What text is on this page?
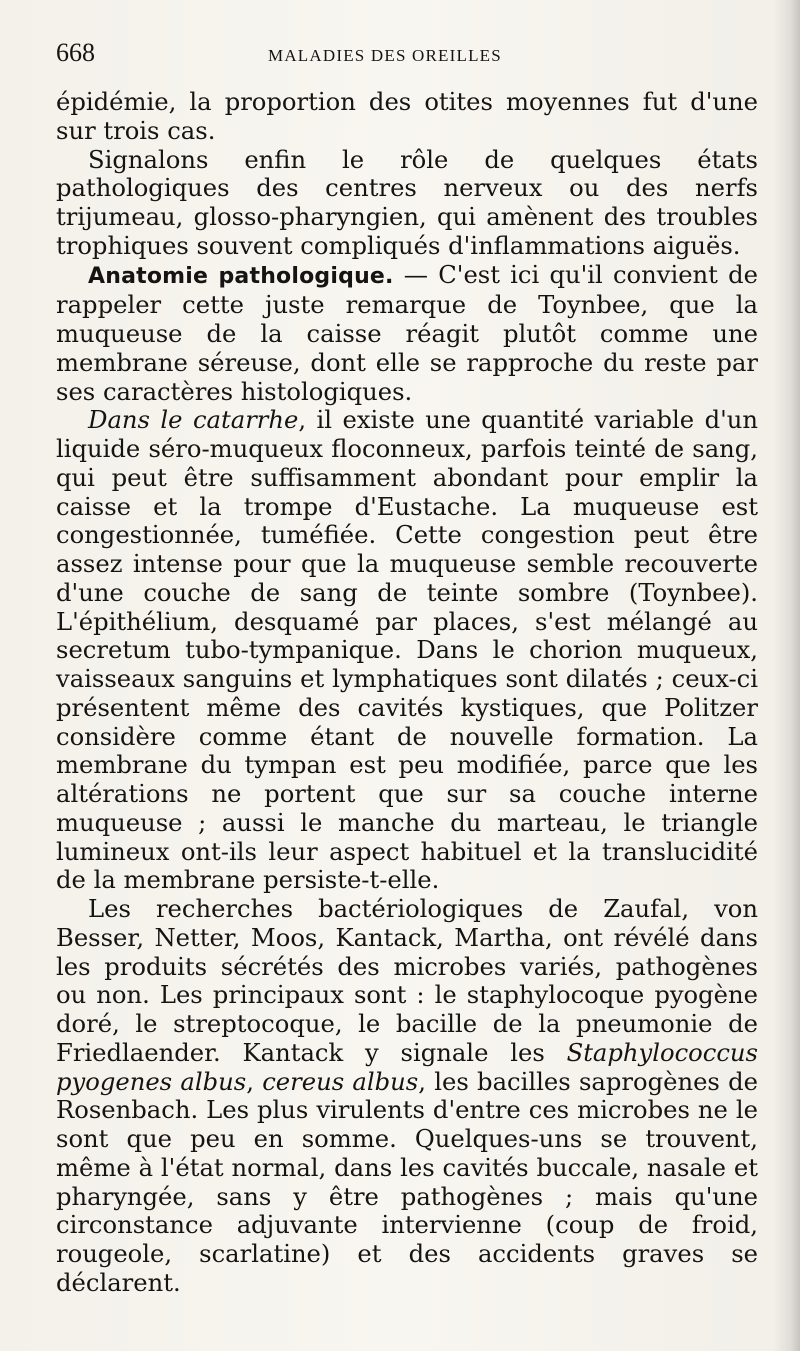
668	MALADIES DES OREILLES

épidémie, la proportion des otites moyennes fut d'une sur trois cas.

Signalons enfin le rôle de quelques états pathologiques des centres nerveux ou des nerfs trijumeau, glosso-pharyngien, qui amènent des troubles trophiques souvent compliqués d'inflammations aiguës.

Anatomie pathologique. — C'est ici qu'il convient de rappeler cette juste remarque de Toynbee, que la muqueuse de la caisse réagit plutôt comme une membrane séreuse, dont elle se rapproche du reste par ses caractères histologiques.

Dans le catarrhe, il existe une quantité variable d'un liquide séro-muqueux floconneux, parfois teinté de sang, qui peut être suffisamment abondant pour emplir la caisse et la trompe d'Eustache. La muqueuse est congestionnée, tuméfiée. Cette congestion peut être assez intense pour que la muqueuse semble recouverte d'une couche de sang de teinte sombre (Toynbee). L'épithélium, desquamé par places, s'est mélangé au secretum tubo-tympanique. Dans le chorion muqueux, vaisseaux sanguins et lymphatiques sont dilatés ; ceux-ci présentent même des cavités kystiques, que Politzer considère comme étant de nouvelle formation. La membrane du tympan est peu modifiée, parce que les altérations ne portent que sur sa couche interne muqueuse ; aussi le manche du marteau, le triangle lumineux ont-ils leur aspect habituel et la translucidité de la membrane persiste-t-elle.

Les recherches bactériologiques de Zaufal, von Besser, Netter, Moos, Kantack, Martha, ont révélé dans les produits sécrétés des microbes variés, pathogènes ou non. Les principaux sont : le staphylocoque pyogène doré, le streptocoque, le bacille de la pneumonie de Friedlaender. Kantack y signale les Staphylococcus pyogenes albus, cereus albus, les bacilles saprogènes de Rosenbach. Les plus virulents d'entre ces microbes ne le sont que peu en somme. Quelques-uns se trouvent, même à l'état normal, dans les cavités buccale, nasale et pharyngée, sans y être pathogènes ; mais qu'une circonstance adjuvante intervienne (coup de froid, rougeole, scarlatine) et des accidents graves se déclarent.
